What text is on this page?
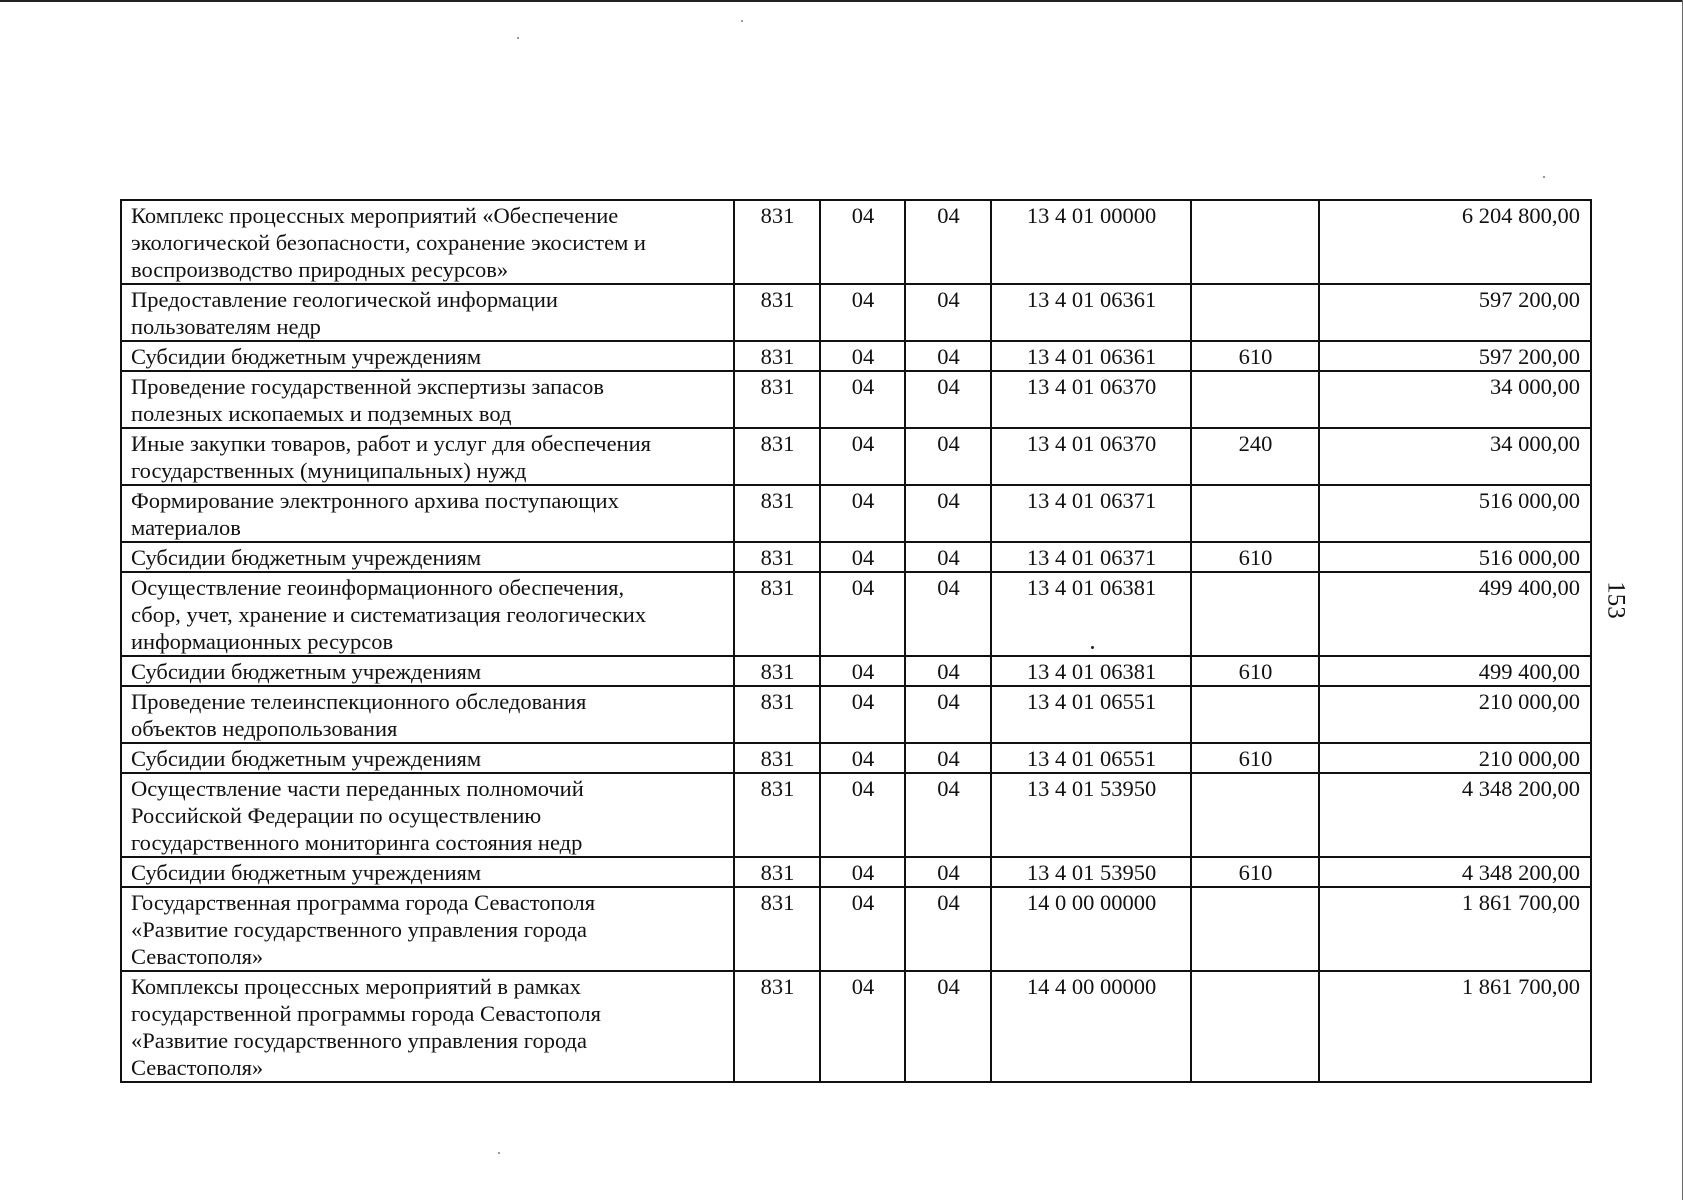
153
Комплекс процессных мероприятий «Обеспечение
экологической безопасности, сохранение экосистем и
воспроизводство природных ресурсов»	831	04	04	13 4 01 00000		6 204 800,00
Предоставление геологической информации
пользователям недр	831	04	04	13 4 01 06361		597 200,00
Субсидии бюджетным учреждениям	831	04	04	13 4 01 06361	610	597 200,00
Проведение государственной экспертизы запасов
полезных ископаемых и подземных вод	831	04	04	13 4 01 06370		34 000,00
Иные закупки товаров, работ и услуг для обеспечения
государственных (муниципальных) нужд	831	04	04	13 4 01 06370	240	34 000,00
Формирование электронного архива поступающих
материалов	831	04	04	13 4 01 06371		516 000,00
Субсидии бюджетным учреждениям	831	04	04	13 4 01 06371	610	516 000,00
Осуществление геоинформационного обеспечения,
сбор, учет, хранение и систематизация геологических
информационных ресурсов	831	04	04	13 4 01 06381		499 400,00
Субсидии бюджетным учреждениям	831	04	04	13 4 01 06381	610	499 400,00
Проведение телеинспекционного обследования
объектов недропользования	831	04	04	13 4 01 06551		210 000,00
Субсидии бюджетным учреждениям	831	04	04	13 4 01 06551	610	210 000,00
Осуществление части переданных полномочий
Российской Федерации по осуществлению
государственного мониторинга состояния недр	831	04	04	13 4 01 53950		4 348 200,00
Субсидии бюджетным учреждениям	831	04	04	13 4 01 53950	610	4 348 200,00
Государственная программа города Севастополя
«Развитие государственного управления города
Севастополя»	831	04	04	14 0 00 00000		1 861 700,00
Комплексы процессных мероприятий в рамках
государственной программы города Севастополя
«Развитие государственного управления города
Севастополя»	831	04	04	14 4 00 00000		1 861 700,00
